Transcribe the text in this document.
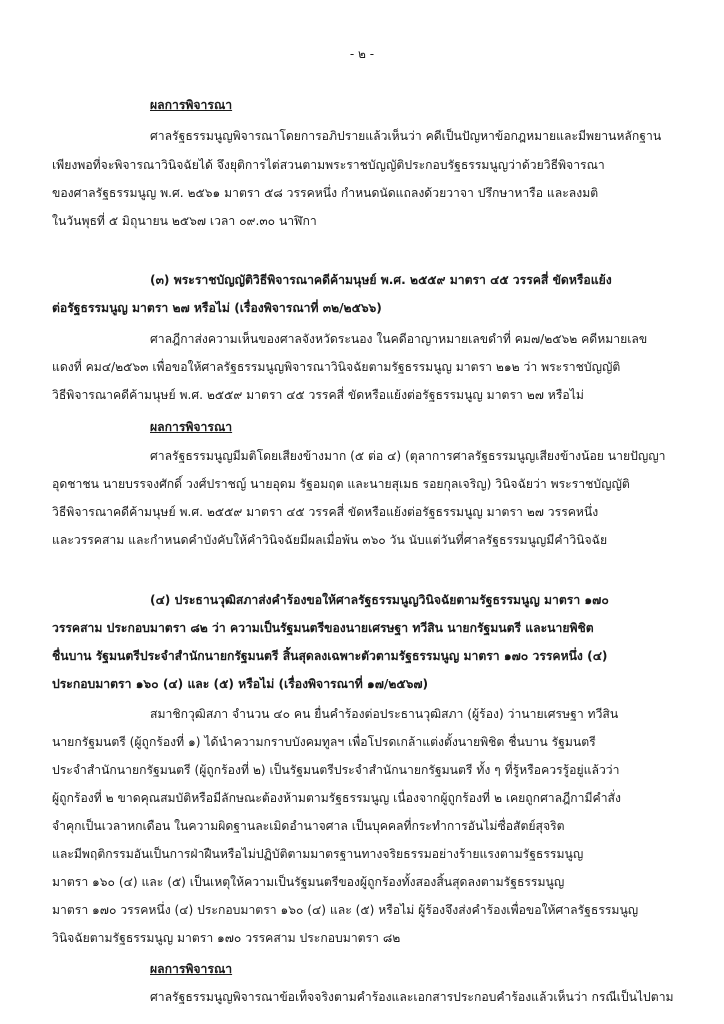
- ๒ -
ผลการพิจารณา
ศาลรัฐธรรมนูญพิจารณาโดยการอภิปรายแล้วเห็นว่า คดีเป็นปัญหาข้อกฎหมายและมีพยานหลักฐาน
เพียงพอที่จะพิจารณาวินิจฉัยได้ จึงยุติการไต่สวนตามพระราชบัญญัติประกอบรัฐธรรมนูญว่าด้วยวิธีพิจารณา
ของศาลรัฐธรรมนูญ พ.ศ. ๒๕๖๑ มาตรา ๕๘ วรรคหนึ่ง กำหนดนัดแถลงด้วยวาจา ปรึกษาหารือ และลงมติ
ในวันพุธที่ ๕ มิถุนายน ๒๕๖๗ เวลา ๐๙.๓๐ นาฬิกา
(๓) พระราชบัญญัติวิธีพิจารณาคดีค้ามนุษย์ พ.ศ. ๒๕๕๙ มาตรา ๔๕ วรรคสี่ ขัดหรือแย้ง
ต่อรัฐธรรมนูญ มาตรา ๒๗ หรือไม่ (เรื่องพิจารณาที่ ๓๒/๒๕๖๖)
ศาลฎีกาส่งความเห็นของศาลจังหวัดระนอง ในคดีอาญาหมายเลขดำที่ คม๗/๒๕๖๒ คดีหมายเลข
แดงที่ คม๔/๒๕๖๓ เพื่อขอให้ศาลรัฐธรรมนูญพิจารณาวินิจฉัยตามรัฐธรรมนูญ มาตรา ๒๑๒ ว่า พระราชบัญญัติ
วิธีพิจารณาคดีค้ามนุษย์ พ.ศ. ๒๕๕๙ มาตรา ๔๕ วรรคสี่ ขัดหรือแย้งต่อรัฐธรรมนูญ มาตรา ๒๗ หรือไม่
ผลการพิจารณา
ศาลรัฐธรรมนูญมีมติโดยเสียงข้างมาก (๕ ต่อ ๔) (ตุลาการศาลรัฐธรรมนูญเสียงข้างน้อย นายปัญญา
อุดชาชน นายบรรจงศักดิ์ วงศ์ปราชญ์ นายอุดม รัฐอมฤต และนายสุเมธ รอยกุลเจริญ) วินิจฉัยว่า พระราชบัญญัติ
วิธีพิจารณาคดีค้ามนุษย์ พ.ศ. ๒๕๕๙ มาตรา ๔๕ วรรคสี่ ขัดหรือแย้งต่อรัฐธรรมนูญ มาตรา ๒๗ วรรคหนึ่ง
และวรรคสาม และกำหนดคำบังคับให้คำวินิจฉัยมีผลเมื่อพ้น ๓๖๐ วัน นับแต่วันที่ศาลรัฐธรรมนูญมีคำวินิจฉัย
(๔) ประธานวุฒิสภาส่งคำร้องขอให้ศาลรัฐธรรมนูญวินิจฉัยตามรัฐธรรมนูญ มาตรา ๑๗๐
วรรคสาม ประกอบมาตรา ๘๒ ว่า ความเป็นรัฐมนตรีของนายเศรษฐา ทวีสิน นายกรัฐมนตรี และนายพิชิต
ชื่นบาน รัฐมนตรีประจำสำนักนายกรัฐมนตรี สิ้นสุดลงเฉพาะตัวตามรัฐธรรมนูญ มาตรา ๑๗๐ วรรคหนึ่ง (๔)
ประกอบมาตรา ๑๖๐ (๔) และ (๕) หรือไม่ (เรื่องพิจารณาที่ ๑๗/๒๕๖๗)
สมาชิกวุฒิสภา จำนวน ๔๐ คน ยื่นคำร้องต่อประธานวุฒิสภา (ผู้ร้อง) ว่านายเศรษฐา ทวีสิน
นายกรัฐมนตรี (ผู้ถูกร้องที่ ๑) ได้นำความกราบบังคมทูลฯ เพื่อโปรดเกล้าแต่งตั้งนายพิชิต ชื่นบาน รัฐมนตรี
ประจำสำนักนายกรัฐมนตรี (ผู้ถูกร้องที่ ๒) เป็นรัฐมนตรีประจำสำนักนายกรัฐมนตรี ทั้ง ๆ ที่รู้หรือควรรู้อยู่แล้วว่า
ผู้ถูกร้องที่ ๒ ขาดคุณสมบัติหรือมีลักษณะต้องห้ามตามรัฐธรรมนูญ เนื่องจากผู้ถูกร้องที่ ๒ เคยถูกศาลฎีกามีคำสั่ง
จำคุกเป็นเวลาหกเดือน ในความผิดฐานละเมิดอำนาจศาล เป็นบุคคลที่กระทำการอันไม่ซื่อสัตย์สุจริต
และมีพฤติกรรมอันเป็นการฝ่าฝืนหรือไม่ปฏิบัติตามมาตรฐานทางจริยธรรมอย่างร้ายแรงตามรัฐธรรมนูญ
มาตรา ๑๖๐ (๔) และ (๕) เป็นเหตุให้ความเป็นรัฐมนตรีของผู้ถูกร้องทั้งสองสิ้นสุดลงตามรัฐธรรมนูญ
มาตรา ๑๗๐ วรรคหนึ่ง (๔) ประกอบมาตรา ๑๖๐ (๔) และ (๕) หรือไม่ ผู้ร้องจึงส่งคำร้องเพื่อขอให้ศาลรัฐธรรมนูญ
วินิจฉัยตามรัฐธรรมนูญ มาตรา ๑๗๐ วรรคสาม ประกอบมาตรา ๘๒
ผลการพิจารณา
ศาลรัฐธรรมนูญพิจารณาข้อเท็จจริงตามคำร้องและเอกสารประกอบคำร้องแล้วเห็นว่า กรณีเป็นไปตาม
